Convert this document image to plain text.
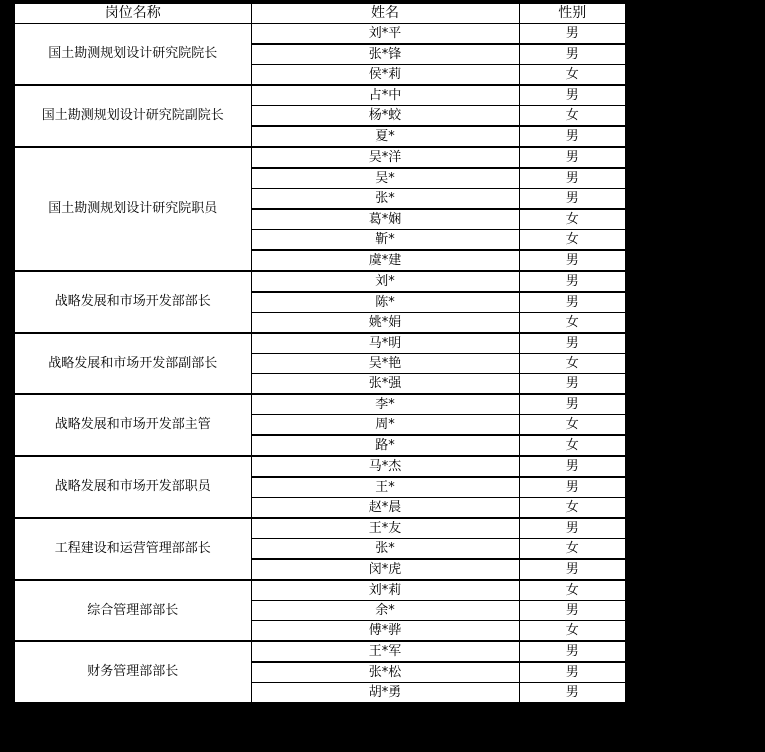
岗位名称	姓名	性别
国土勘测规划设计研究院院长	刘*平	男
	张*锋	男
	侯*莉	女
国土勘测规划设计研究院副院长	占*中	男
	杨*蛟	女
	夏*	男
国土勘测规划设计研究院职员	吴*洋	男
	吴*	男
	张*	男
	葛*娴	女
	靳*	女
	虞*建	男
战略发展和市场开发部部长	刘*	男
	陈*	男
	姚*娟	女
战略发展和市场开发部副部长	马*明	男
	吴*艳	女
	张*强	男
战略发展和市场开发部主管	李*	男
	周*	女
	路*	女
战略发展和市场开发部职员	马*杰	男
	王*	男
	赵*晨	女
工程建设和运营管理部部长	王*友	男
	张*	女
	闵*虎	男
综合管理部部长	刘*莉	女
	余*	男
	傅*骅	女
财务管理部部长	王*军	男
	张*松	男
	胡*勇	男
